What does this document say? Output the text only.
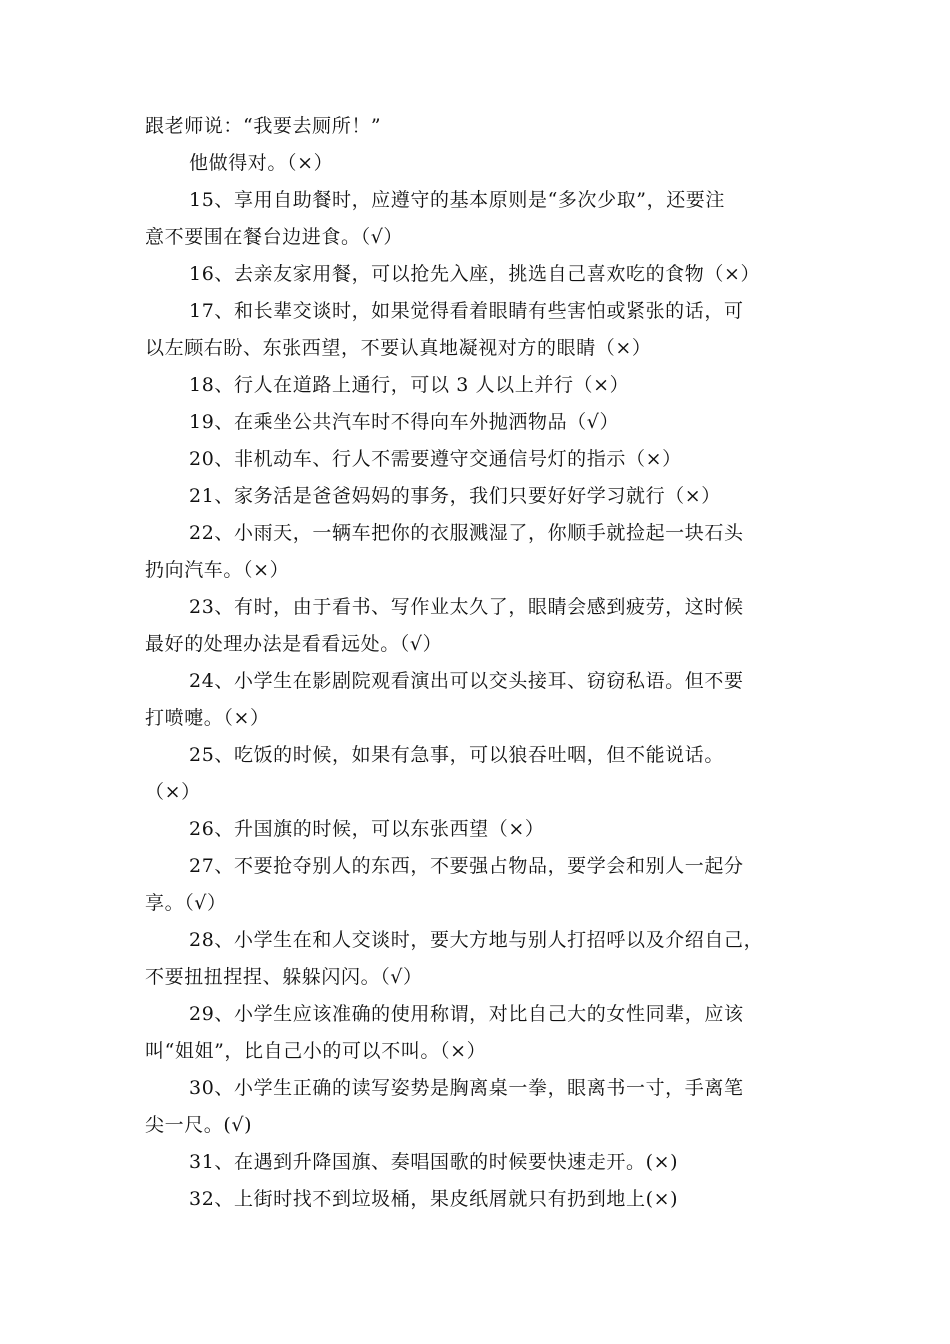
跟老师说：“我要去厕所！”
他做得对。（×）
15、享用自助餐时，应遵守的基本原则是“多次少取”，还要注
意不要围在餐台边进食。（√）
16、去亲友家用餐，可以抢先入座，挑选自己喜欢吃的食物（×）
17、和长辈交谈时，如果觉得看着眼睛有些害怕或紧张的话，可
以左顾右盼、东张西望，不要认真地凝视对方的眼睛（×）
18、行人在道路上通行，可以 3 人以上并行（×）
19、在乘坐公共汽车时不得向车外抛洒物品（√）
20、非机动车、行人不需要遵守交通信号灯的指示（×）
21、家务活是爸爸妈妈的事务，我们只要好好学习就行（×）
22、小雨天，一辆车把你的衣服溅湿了，你顺手就捡起一块石头
扔向汽车。（×）
23、有时，由于看书、写作业太久了，眼睛会感到疲劳，这时候
最好的处理办法是看看远处。（√）
24、小学生在影剧院观看演出可以交头接耳、窃窃私语。但不要
打喷嚏。（×）
25、吃饭的时候，如果有急事，可以狼吞吐咽，但不能说话。
（×）
26、升国旗的时候，可以东张西望（×）
27、不要抢夺别人的东西，不要强占物品，要学会和别人一起分
享。（√）
28、小学生在和人交谈时，要大方地与别人打招呼以及介绍自己，
不要扭扭捏捏、躲躲闪闪。（√）
29、小学生应该准确的使用称谓，对比自己大的女性同辈，应该
叫“姐姐”，比自己小的可以不叫。（×）
30、小学生正确的读写姿势是胸离桌一拳，眼离书一寸，手离笔
尖一尺。(√)
31、在遇到升降国旗、奏唱国歌的时候要快速走开。(×)
32、上街时找不到垃圾桶，果皮纸屑就只有扔到地上(×)
